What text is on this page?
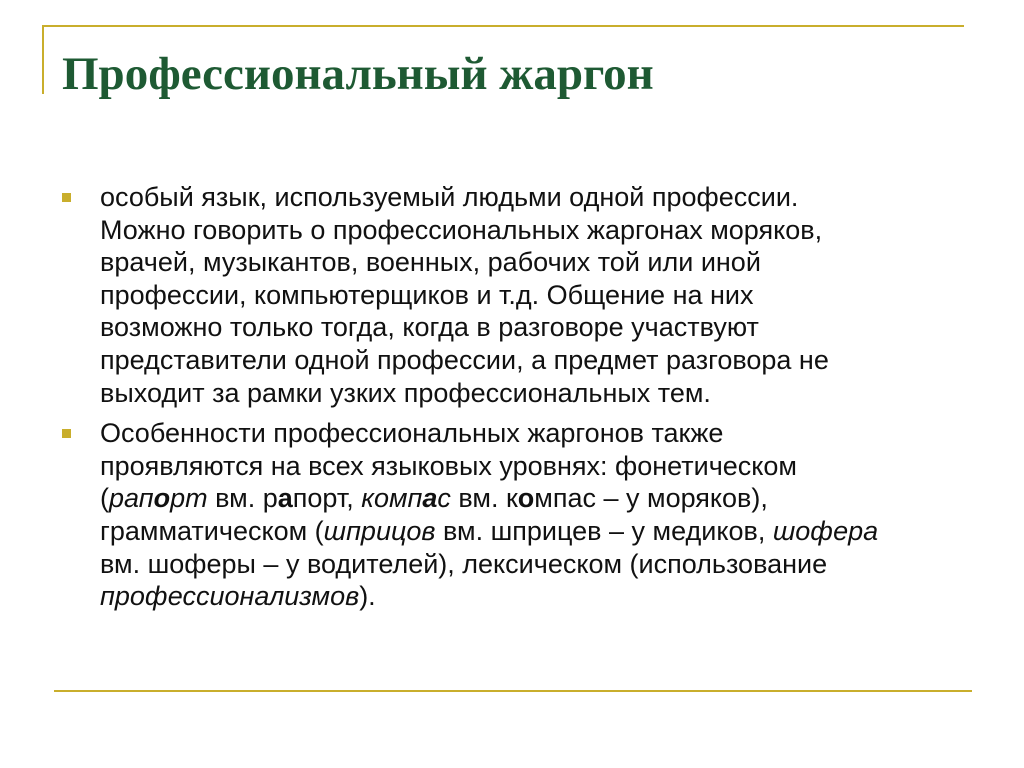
Профессиональный жаргон
особый язык, используемый людьми одной профессии.
Можно говорить о профессиональных жаргонах моряков,
врачей, музыкантов, военных, рабочих той или иной
профессии, компьютерщиков и т.д. Общение на них
возможно только тогда, когда в разговоре участвуют
представители одной профессии, а предмет разговора не
выходит за рамки узких профессиональных тем.
Особенности профессиональных жаргонов также
проявляются на всех языковых уровнях: фонетическом
(рапорт вм. рапорт, компас вм. компас – у моряков),
грамматическом (шприцов вм. шприцев – у медиков, шофера
вм. шоферы – у водителей), лексическом (использование
профессионализмов).
